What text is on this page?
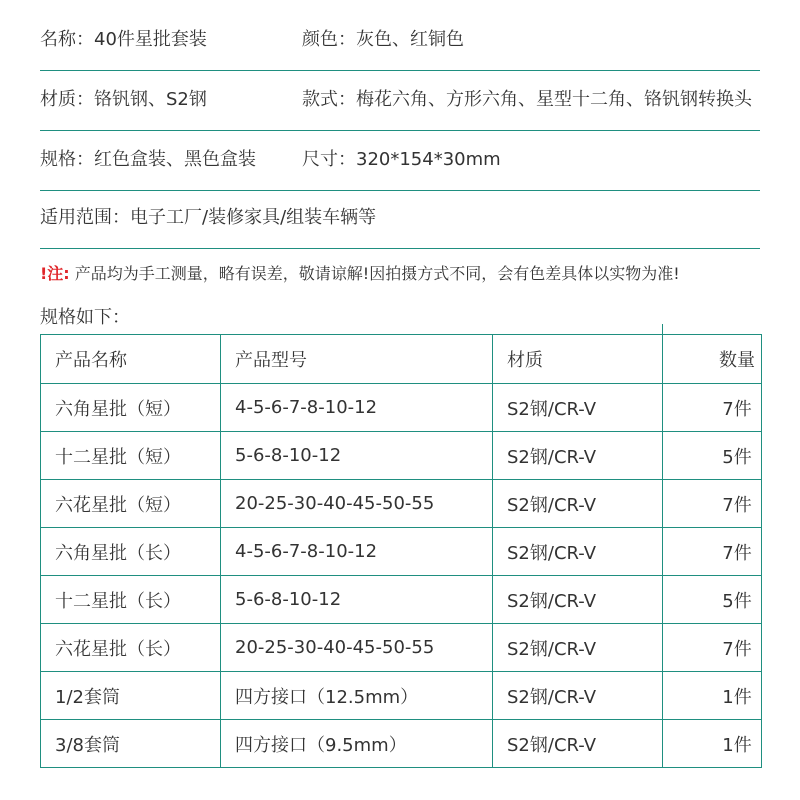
名称：40件星批套装	颜色：灰色、红铜色
材质：铬钒钢、S2钢	款式：梅花六角、方形六角、星型十二角、铬钒钢转换头
规格：红色盒装、黑色盒装	尺寸：320*154*30mm
适用范围：电子工厂/装修家具/组装车辆等
!注: 产品均为手工测量，略有误差，敬请谅解!因拍摄方式不同，会有色差具体以实物为准!
规格如下：
产品名称	产品型号	材质	数量
六角星批（短）	4-5-6-7-8-10-12	S2钢/CR-V	7件
十二星批（短）	5-6-8-10-12	S2钢/CR-V	5件
六花星批（短）	20-25-30-40-45-50-55	S2钢/CR-V	7件
六角星批（长）	4-5-6-7-8-10-12	S2钢/CR-V	7件
十二星批（长）	5-6-8-10-12	S2钢/CR-V	5件
六花星批（长）	20-25-30-40-45-50-55	S2钢/CR-V	7件
1/2套筒	四方接口（12.5mm）	S2钢/CR-V	1件
3/8套筒	四方接口（9.5mm）	S2钢/CR-V	1件
